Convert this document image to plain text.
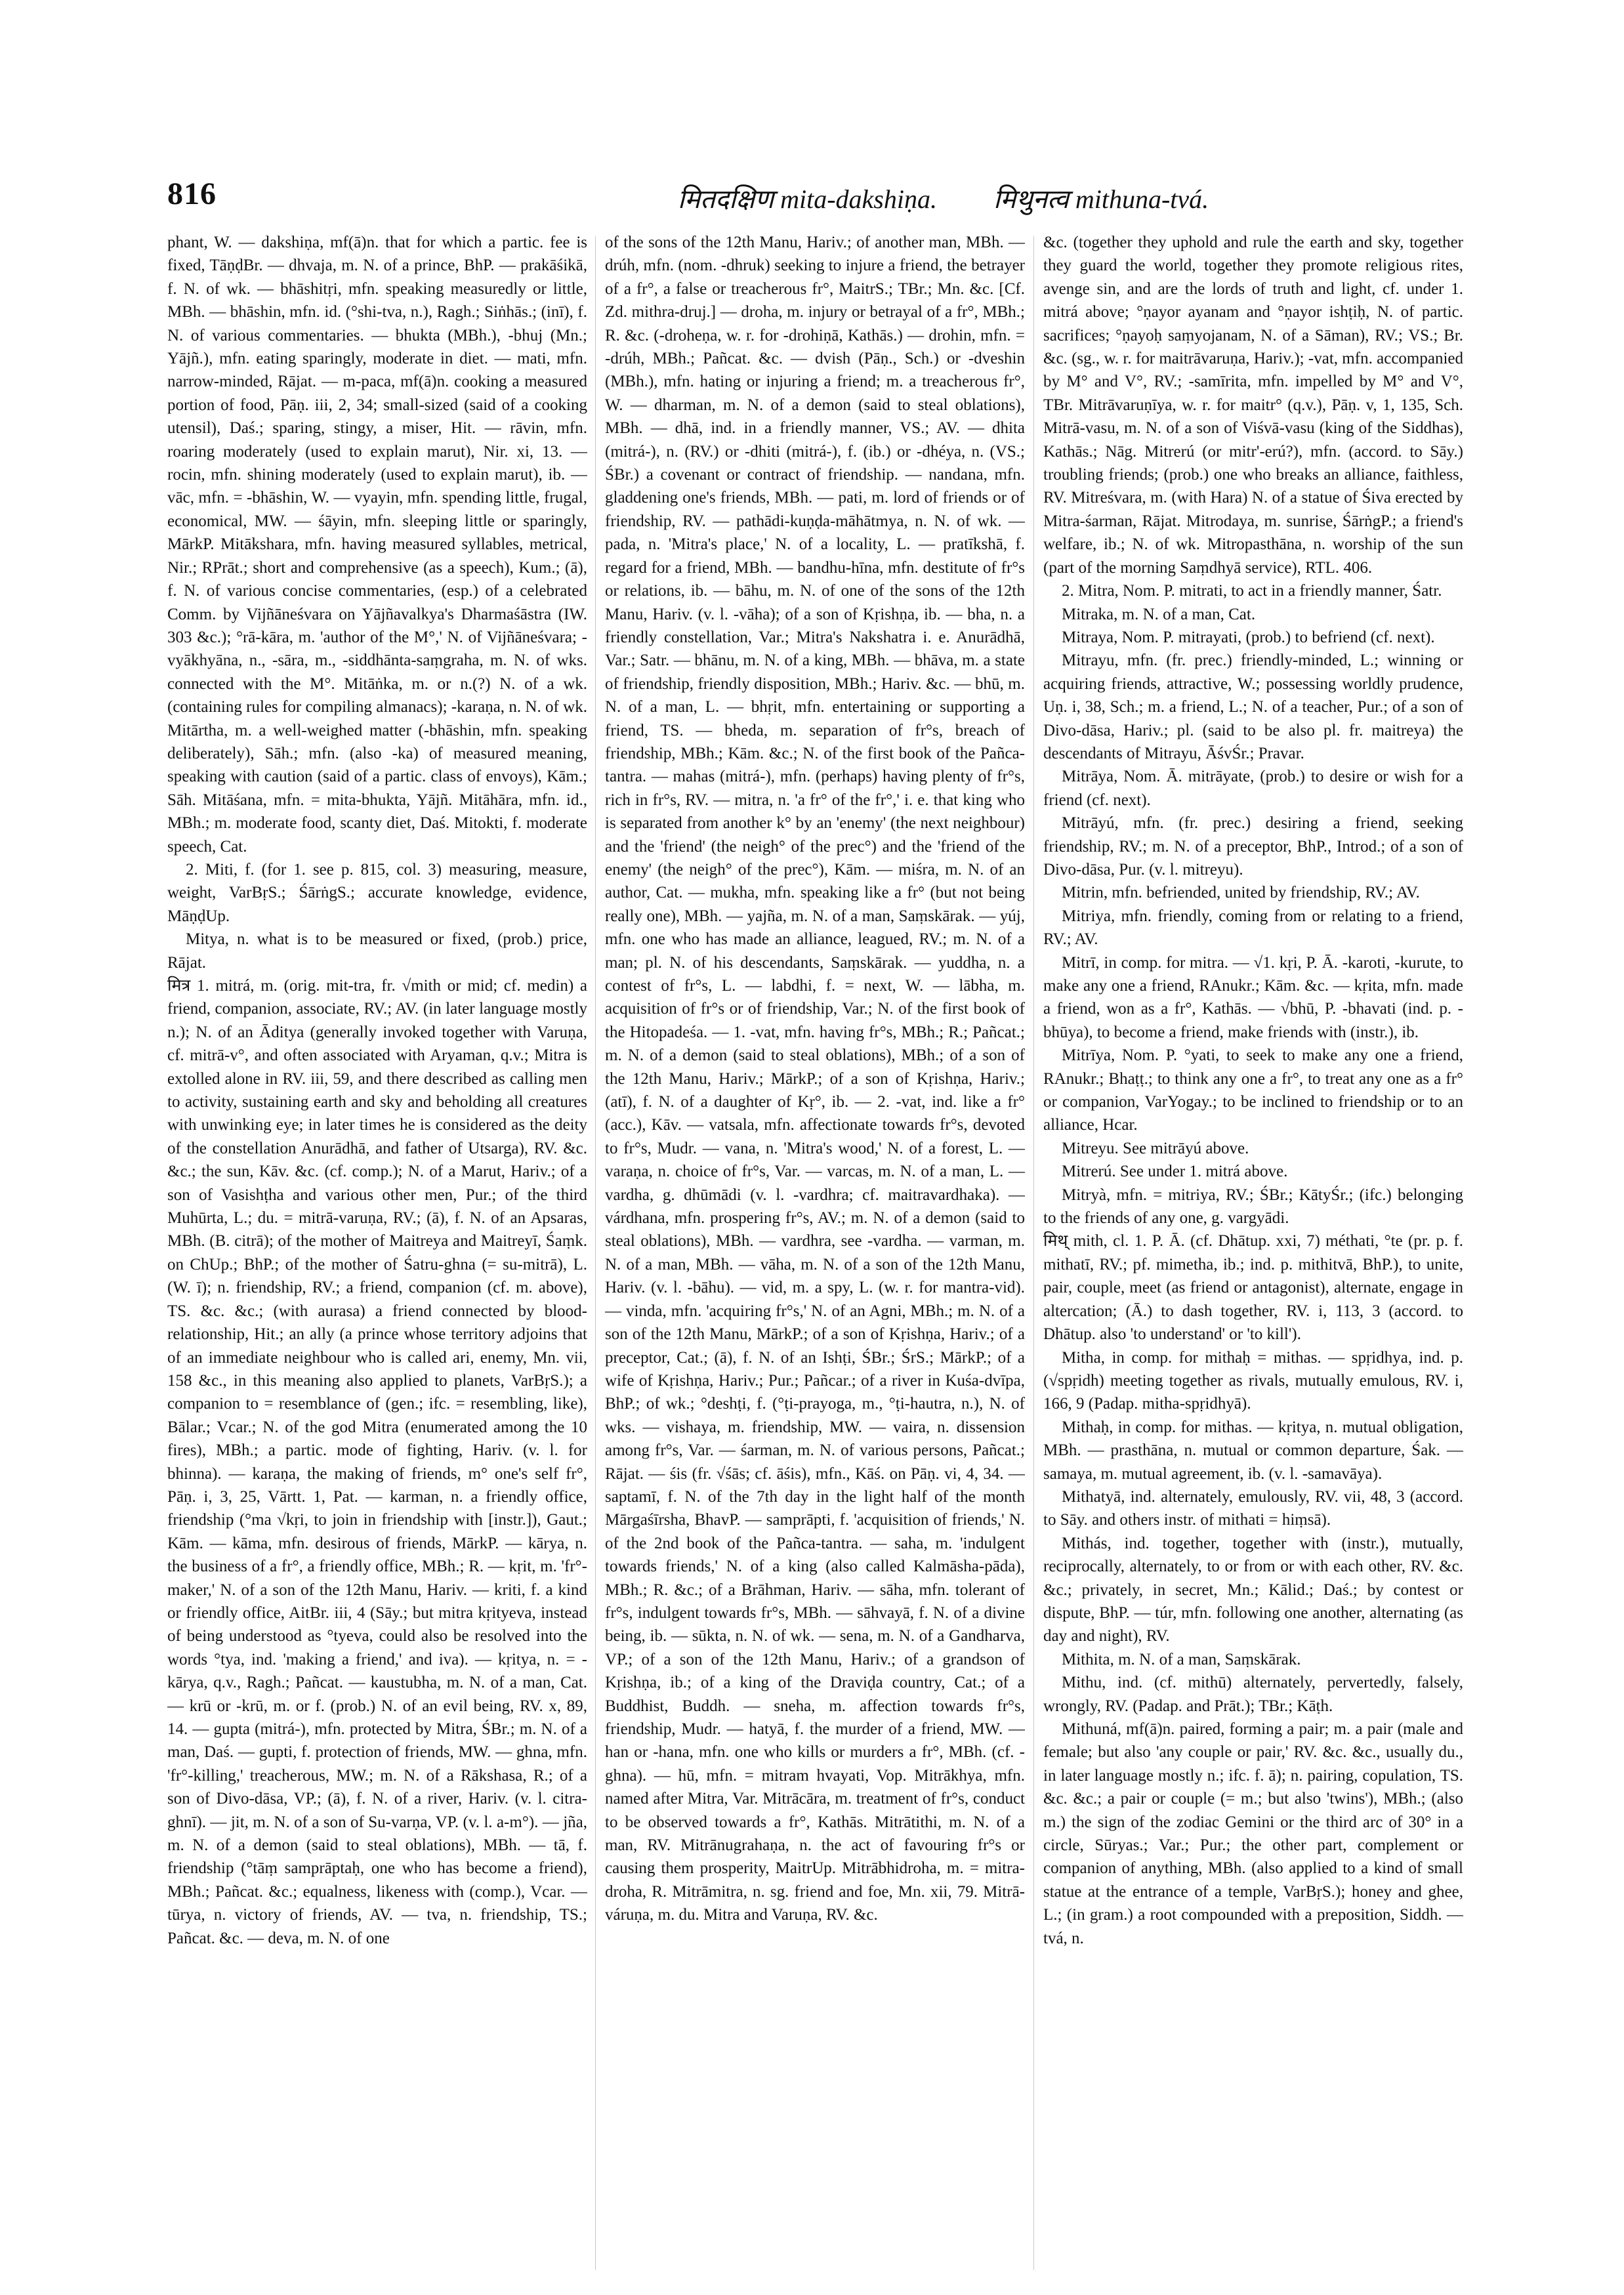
816	मितदक्षिण mita-dakshiṇa. मिथुनत्व mithuna-tvá.

phant, W. — dakshiṇa, mf(ā)n. that for which a partic. fee is fixed, TāṇḍBr. — dhvaja, m. N. of a prince, BhP. — prakāśikā, f. N. of wk. — bhāshitṛi, mfn. speaking measuredly or little, MBh. — bhāshin, mfn. id. (°shi-tva, n.), Ragh.; Siṅhās.; (inī), f. N. of various commentaries. — bhukta (MBh.), -bhuj (Mn.; Yājñ.), mfn. eating sparingly, moderate in diet. — mati, mfn. narrow-minded, Rājat. — m-paca, mf(ā)n. cooking a measured portion of food, Pāṇ. iii, 2, 34; small-sized (said of a cooking utensil), Daś.; sparing, stingy, a miser, Hit. — rāvin, mfn. roaring moderately (used to explain marut), Nir. xi, 13. — rocin, mfn. shining moderately (used to explain marut), ib. — vāc, mfn. = -bhāshin, W. — vyayin, mfn. spending little, frugal, economical, MW. — śāyin, mfn. sleeping little or sparingly, MārkP. Mitākshara, mfn. having measured syllables, metrical, Nir.; RPrāt.; short and comprehensive (as a speech), Kum.; (ā), f. N. of various concise commentaries, (esp.) of a celebrated Comm. by Vijñāneśvara on Yājñavalkya's Dharmaśāstra (IW. 303 &c.); °rā-kāra, m. 'author of the M°,' N. of Vijñāneśvara; -vyākhyāna, n., -sāra, m., -siddhānta-saṃgraha, m. N. of wks. connected with the M°. Mitāṅka, m. or n.(?) N. of a wk. (containing rules for compiling almanacs); -karaṇa, n. N. of wk. Mitārtha, m. a well-weighed matter (-bhāshin, mfn. speaking deliberately), Sāh.; mfn. (also -ka) of measured meaning, speaking with caution (said of a partic. class of envoys), Kām.; Sāh. Mitāśana, mfn. = mita-bhukta, Yājñ. Mitāhāra, mfn. id., MBh.; m. moderate food, scanty diet, Daś. Mitokti, f. moderate speech, Cat.

2. Miti, f. (for 1. see p. 815, col. 3) measuring, measure, weight, VarBṛS.; ŚārṅgS.; accurate knowledge, evidence, MāṇḍUp.

Mitya, n. what is to be measured or fixed, (prob.) price, Rājat.

मित्र 1. mitrá, m. (orig. mit-tra, fr. √mith or mid; cf. medin) a friend, companion, associate, RV.; AV. (in later language mostly n.); N. of an Āditya (generally invoked together with Varuṇa, cf. mitrā-v°, and often associated with Aryaman, q.v.; Mitra is extolled alone in RV. iii, 59, and there described as calling men to activity, sustaining earth and sky and beholding all creatures with unwinking eye; in later times he is considered as the deity of the constellation Anurādhā, and father of Utsarga), RV. &c. &c.; the sun, Kāv. &c. (cf. comp.); N. of a Marut, Hariv.; of a son of Vasishṭha and various other men, Pur.; of the third Muhūrta, L.; du. = mitrā-varuṇa, RV.; (ā), f. N. of an Apsaras, MBh. (B. citrā); of the mother of Maitreya and Maitreyī, Śaṃk. on ChUp.; BhP.; of the mother of Śatru-ghna (= su-mitrā), L. (W. ī); n. friendship, RV.; a friend, companion (cf. m. above), TS. &c. &c.; (with aurasa) a friend connected by blood-relationship, Hit.; an ally (a prince whose territory adjoins that of an immediate neighbour who is called ari, enemy, Mn. vii, 158 &c., in this meaning also applied to planets, VarBṛS.); a companion to = resemblance of (gen.; ifc. = resembling, like), Bālar.; Vcar.; N. of the god Mitra (enumerated among the 10 fires), MBh.; a partic. mode of fighting, Hariv. (v. l. for bhinna). — karaṇa, the making of friends, m° one's self fr°, Pāṇ. i, 3, 25, Vārtt. 1, Pat. — karman, n. a friendly office, friendship (°ma √kṛi, to join in friendship with [instr.]), Gaut.; Kām. — kāma, mfn. desirous of friends, MārkP. — kārya, n. the business of a fr°, a friendly office, MBh.; R. — kṛit, m. 'fr°-maker,' N. of a son of the 12th Manu, Hariv. — kriti, f. a kind or friendly office, AitBr. iii, 4 (Sāy.; but mitra kṛityeva, instead of being understood as °tyeva, could also be resolved into the words °tya, ind. 'making a friend,' and iva). — kṛitya, n. = -kārya, q.v., Ragh.; Pañcat. — kaustubha, m. N. of a man, Cat. — krū or -krū, m. or f. (prob.) N. of an evil being, RV. x, 89, 14. — gupta (mitrá-), mfn. protected by Mitra, ŚBr.; m. N. of a man, Daś. — gupti, f. protection of friends, MW. — ghna, mfn. 'fr°-killing,' treacherous, MW.; m. N. of a Rākshasa, R.; of a son of Divo-dāsa, VP.; (ā), f. N. of a river, Hariv. (v. l. citra-ghnī). — jit, m. N. of a son of Su-varṇa, VP. (v. l. a-m°). — jña, m. N. of a demon (said to steal oblations), MBh. — tā, f. friendship (°tāṃ samprāptaḥ, one who has become a friend), MBh.; Pañcat. &c.; equalness, likeness with (comp.), Vcar. — tūrya, n. victory of friends, AV. — tva, n. friendship, TS.; Pañcat. &c. — deva, m. N. of one

of the sons of the 12th Manu, Hariv.; of another man, MBh. — drúh, mfn. (nom. -dhruk) seeking to injure a friend, the betrayer of a fr°, a false or treacherous fr°, MaitrS.; TBr.; Mn. &c. [Cf. Zd. mithra-druj.] — droha, m. injury or betrayal of a fr°, MBh.; R. &c. (-droheṇa, w. r. for -drohiṇā, Kathās.) — drohin, mfn. = -drúh, MBh.; Pañcat. &c. — dvish (Pāṇ., Sch.) or -dveshin (MBh.), mfn. hating or injuring a friend; m. a treacherous fr°, W. — dharman, m. N. of a demon (said to steal oblations), MBh. — dhā, ind. in a friendly manner, VS.; AV. — dhita (mitrá-), n. (RV.) or -dhiti (mitrá-), f. (ib.) or -dhéya, n. (VS.; ŚBr.) a covenant or contract of friendship. — nandana, mfn. gladdening one's friends, MBh. — pati, m. lord of friends or of friendship, RV. — pathādi-kuṇḍa-māhātmya, n. N. of wk. — pada, n. 'Mitra's place,' N. of a locality, L. — pratīkshā, f. regard for a friend, MBh. — bandhu-hīna, mfn. destitute of fr°s or relations, ib. — bāhu, m. N. of one of the sons of the 12th Manu, Hariv. (v. l. -vāha); of a son of Kṛishṇa, ib. — bha, n. a friendly constellation, Var.; Mitra's Nakshatra i. e. Anurādhā, Var.; Satr. — bhānu, m. N. of a king, MBh. — bhāva, m. a state of friendship, friendly disposition, MBh.; Hariv. &c. — bhū, m. N. of a man, L. — bhṛit, mfn. entertaining or supporting a friend, TS. — bheda, m. separation of fr°s, breach of friendship, MBh.; Kām. &c.; N. of the first book of the Pañca-tantra. — mahas (mitrá-), mfn. (perhaps) having plenty of fr°s, rich in fr°s, RV. — mitra, n. 'a fr° of the fr°,' i. e. that king who is separated from another k° by an 'enemy' (the next neighbour) and the 'friend' (the neigh° of the prec°) and the 'friend of the enemy' (the neigh° of the prec°), Kām. — miśra, m. N. of an author, Cat. — mukha, mfn. speaking like a fr° (but not being really one), MBh. — yajña, m. N. of a man, Saṃskārak. — yúj, mfn. one who has made an alliance, leagued, RV.; m. N. of a man; pl. N. of his descendants, Saṃskārak. — yuddha, n. a contest of fr°s, L. — labdhi, f. = next, W. — lābha, m. acquisition of fr°s or of friendship, Var.; N. of the first book of the Hitopadeśa. — 1. -vat, mfn. having fr°s, MBh.; R.; Pañcat.; m. N. of a demon (said to steal oblations), MBh.; of a son of the 12th Manu, Hariv.; MārkP.; of a son of Kṛishṇa, Hariv.; (atī), f. N. of a daughter of Kṛ°, ib. — 2. -vat, ind. like a fr° (acc.), Kāv. — vatsala, mfn. affectionate towards fr°s, devoted to fr°s, Mudr. — vana, n. 'Mitra's wood,' N. of a forest, L. — varaṇa, n. choice of fr°s, Var. — varcas, m. N. of a man, L. — vardha, g. dhūmādi (v. l. -vardhra; cf. maitravardhaka). — várdhana, mfn. prospering fr°s, AV.; m. N. of a demon (said to steal oblations), MBh. — vardhra, see -vardha. — varman, m. N. of a man, MBh. — vāha, m. N. of a son of the 12th Manu, Hariv. (v. l. -bāhu). — vid, m. a spy, L. (w. r. for mantra-vid). — vinda, mfn. 'acquiring fr°s,' N. of an Agni, MBh.; m. N. of a son of the 12th Manu, MārkP.; of a son of Kṛishṇa, Hariv.; of a preceptor, Cat.; (ā), f. N. of an Ishṭi, ŚBr.; ŚrS.; MārkP.; of a wife of Kṛishṇa, Hariv.; Pur.; Pañcar.; of a river in Kuśa-dvīpa, BhP.; of wk.; °deshṭi, f. (°ṭi-prayoga, m., °ṭi-hautra, n.), N. of wks. — vishaya, m. friendship, MW. — vaira, n. dissension among fr°s, Var. — śarman, m. N. of various persons, Pañcat.; Rājat. — śis (fr. √śās; cf. āśis), mfn., Kāś. on Pāṇ. vi, 4, 34. — saptamī, f. N. of the 7th day in the light half of the month Mārgaśīrsha, BhavP. — samprāpti, f. 'acquisition of friends,' N. of the 2nd book of the Pañca-tantra. — saha, m. 'indulgent towards friends,' N. of a king (also called Kalmāsha-pāda), MBh.; R. &c.; of a Brāhman, Hariv. — sāha, mfn. tolerant of fr°s, indulgent towards fr°s, MBh. — sāhvayā, f. N. of a divine being, ib. — sūkta, n. N. of wk. — sena, m. N. of a Gandharva, VP.; of a son of the 12th Manu, Hariv.; of a grandson of Kṛishṇa, ib.; of a king of the Draviḍa country, Cat.; of a Buddhist, Buddh. — sneha, m. affection towards fr°s, friendship, Mudr. — hatyā, f. the murder of a friend, MW. — han or -hana, mfn. one who kills or murders a fr°, MBh. (cf. -ghna). — hū, mfn. = mitram hvayati, Vop. Mitrākhya, mfn. named after Mitra, Var. Mitrācāra, m. treatment of fr°s, conduct to be observed towards a fr°, Kathās. Mitrātithi, m. N. of a man, RV. Mitrānugrahaṇa, n. the act of favouring fr°s or causing them prosperity, MaitrUp. Mitrābhidroha, m. = mitra-droha, R. Mitrāmitra, n. sg. friend and foe, Mn. xii, 79. Mitrā-váruṇa, m. du. Mitra and Varuṇa, RV. &c.

&c. (together they uphold and rule the earth and sky, together they guard the world, together they promote religious rites, avenge sin, and are the lords of truth and light, cf. under 1. mitrá above; °ṇayor ayanam and °ṇayor ishṭiḥ, N. of partic. sacrifices; °ṇayoḥ saṃyojanam, N. of a Sāman), RV.; VS.; Br. &c. (sg., w. r. for maitrāvaruṇa, Hariv.); -vat, mfn. accompanied by M° and V°, RV.; -samīrita, mfn. impelled by M° and V°, TBr. Mitrāvaruṇīya, w. r. for maitr° (q.v.), Pāṇ. v, 1, 135, Sch. Mitrā-vasu, m. N. of a son of Viśvā-vasu (king of the Siddhas), Kathās.; Nāg. Mitrerú (or mitr'-erú?), mfn. (accord. to Sāy.) troubling friends; (prob.) one who breaks an alliance, faithless, RV. Mitreśvara, m. (with Hara) N. of a statue of Śiva erected by Mitra-śarman, Rājat. Mitrodaya, m. sunrise, ŚārṅgP.; a friend's welfare, ib.; N. of wk. Mitropasthāna, n. worship of the sun (part of the morning Saṃdhyā service), RTL. 406.

2. Mitra, Nom. P. mitrati, to act in a friendly manner, Śatr.

Mitraka, m. N. of a man, Cat.

Mitraya, Nom. P. mitrayati, (prob.) to befriend (cf. next).

Mitrayu, mfn. (fr. prec.) friendly-minded, L.; winning or acquiring friends, attractive, W.; possessing worldly prudence, Uṇ. i, 38, Sch.; m. a friend, L.; N. of a teacher, Pur.; of a son of Divo-dāsa, Hariv.; pl. (said to be also pl. fr. maitreya) the descendants of Mitrayu, ĀśvŚr.; Pravar.

Mitrāya, Nom. Ā. mitrāyate, (prob.) to desire or wish for a friend (cf. next).

Mitrāyú, mfn. (fr. prec.) desiring a friend, seeking friendship, RV.; m. N. of a preceptor, BhP., Introd.; of a son of Divo-dāsa, Pur. (v. l. mitreyu).

Mitrin, mfn. befriended, united by friendship, RV.; AV.

Mitriya, mfn. friendly, coming from or relating to a friend, RV.; AV.

Mitrī, in comp. for mitra. — √1. kṛi, P. Ā. -karoti, -kurute, to make any one a friend, RAnukr.; Kām. &c. — kṛita, mfn. made a friend, won as a fr°, Kathās. — √bhū, P. -bhavati (ind. p. -bhūya), to become a friend, make friends with (instr.), ib.

Mitrīya, Nom. P. °yati, to seek to make any one a friend, RAnukr.; Bhaṭṭ.; to think any one a fr°, to treat any one as a fr° or companion, VarYogay.; to be inclined to friendship or to an alliance, Hcar.

Mitreyu. See mitrāyú above.

Mitrerú. See under 1. mitrá above.

Mitryà, mfn. = mitriya, RV.; ŚBr.; KātyŚr.; (ifc.) belonging to the friends of any one, g. vargyādi.

मिथ् mith, cl. 1. P. Ā. (cf. Dhātup. xxi, 7) méthati, °te (pr. p. f. mithatī, RV.; pf. mimetha, ib.; ind. p. mithitvā, BhP.), to unite, pair, couple, meet (as friend or antagonist), alternate, engage in altercation; (Ā.) to dash together, RV. i, 113, 3 (accord. to Dhātup. also 'to understand' or 'to kill').

Mitha, in comp. for mithaḥ = mithas. — spṛidhya, ind. p. (√spṛidh) meeting together as rivals, mutually emulous, RV. i, 166, 9 (Padap. mitha-spṛidhyā).

Mithaḥ, in comp. for mithas. — kṛitya, n. mutual obligation, MBh. — prasthāna, n. mutual or common departure, Śak. — samaya, m. mutual agreement, ib. (v. l. -samavāya).

Mithatyā, ind. alternately, emulously, RV. vii, 48, 3 (accord. to Sāy. and others instr. of mithati = hiṃsā).

Mithás, ind. together, together with (instr.), mutually, reciprocally, alternately, to or from or with each other, RV. &c. &c.; privately, in secret, Mn.; Kālid.; Daś.; by contest or dispute, BhP. — túr, mfn. following one another, alternating (as day and night), RV.

Mithita, m. N. of a man, Saṃskārak.

Mithu, ind. (cf. mithū) alternately, pervertedly, falsely, wrongly, RV. (Padap. and Prāt.); TBr.; Kāṭh.

Mithuná, mf(ā)n. paired, forming a pair; m. a pair (male and female; but also 'any couple or pair,' RV. &c. &c., usually du., in later language mostly n.; ifc. f. ā); n. pairing, copulation, TS. &c. &c.; a pair or couple (= m.; but also 'twins'), MBh.; (also m.) the sign of the zodiac Gemini or the third arc of 30° in a circle, Sūryas.; Var.; Pur.; the other part, complement or companion of anything, MBh. (also applied to a kind of small statue at the entrance of a temple, VarBṛS.); honey and ghee, L.; (in gram.) a root compounded with a preposition, Siddh. — tvá, n.
